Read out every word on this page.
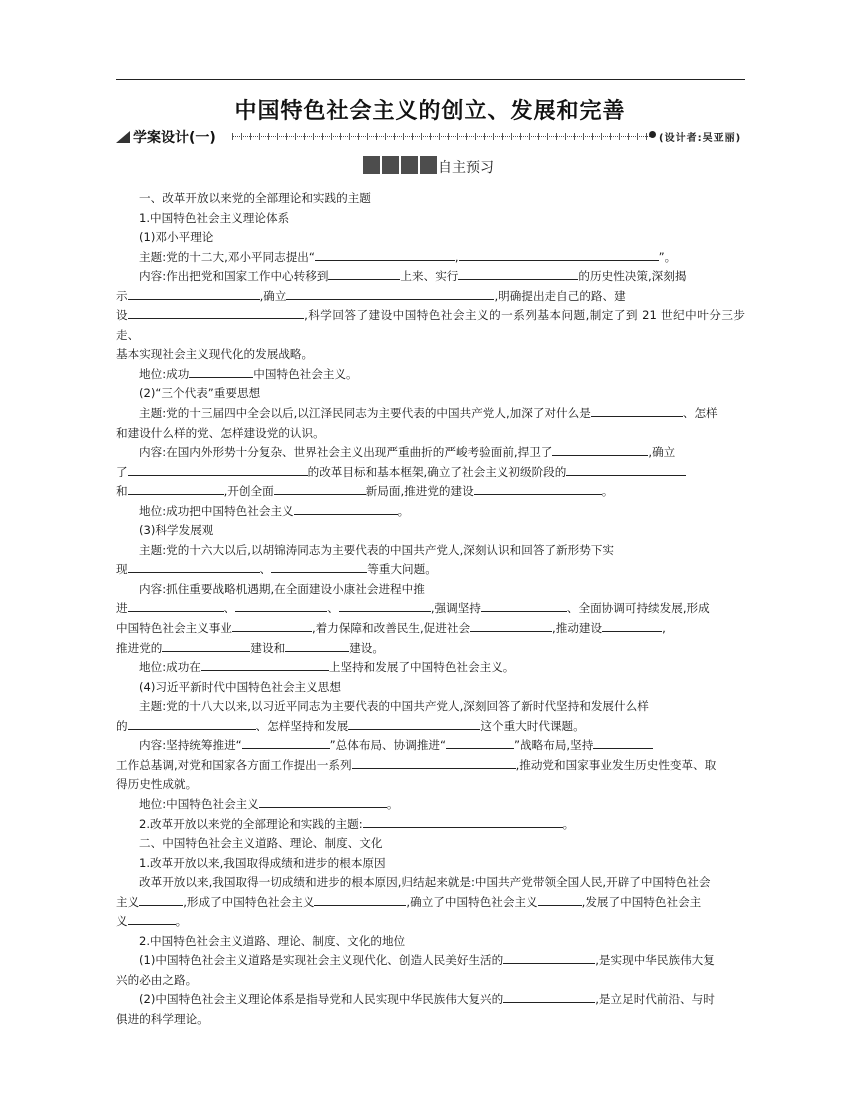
中国特色社会主义的创立、发展和完善
学案设计(一)	(设计者:吴亚丽)
自主预习

一、改革开放以来党的全部理论和实践的主题

1.中国特色社会主义理论体系

(1)邓小平理论

主题:党的十二大,邓小平同志提出“	,	”。

内容:作出把党和国家工作中心转移到	上来、实行	的历史性决策,深刻揭

示	,确立	,明确提出走自己的路、建

设	,科学回答了建设中国特色社会主义的一系列基本问题,制定了到 21 世纪中叶分三步走、

基本实现社会主义现代化的发展战略。

地位:成功	中国特色社会主义。

(2)“三个代表”重要思想

主题:党的十三届四中全会以后,以江泽民同志为主要代表的中国共产党人,加深了对什么是	、怎样

和建设什么样的党、怎样建设党的认识。

内容:在国内外形势十分复杂、世界社会主义出现严重曲折的严峻考验面前,捍卫了	,确立

了	的改革目标和基本框架,确立了社会主义初级阶段的

和	,开创全面	新局面,推进党的建设	。

地位:成功把中国特色社会主义	。

(3)科学发展观

主题:党的十六大以后,以胡锦涛同志为主要代表的中国共产党人,深刻认识和回答了新形势下实

现	、	等重大问题。

内容:抓住重要战略机遇期,在全面建设小康社会进程中推

进	、	、	,强调坚持	、全面协调可持续发展,形成

中国特色社会主义事业	,着力保障和改善民生,促进社会	,推动建设	,

推进党的	建设和	建设。

地位:成功在	上坚持和发展了中国特色社会主义。

(4)习近平新时代中国特色社会主义思想

主题:党的十八大以来,以习近平同志为主要代表的中国共产党人,深刻回答了新时代坚持和发展什么样

的	、怎样坚持和发展	这个重大时代课题。

内容:坚持统筹推进“	”总体布局、协调推进“	”战略布局,坚持

工作总基调,对党和国家各方面工作提出一系列	,推动党和国家事业发生历史性变革、取

得历史性成就。

地位:中国特色社会主义	。

2.改革开放以来党的全部理论和实践的主题:	。

二、中国特色社会主义道路、理论、制度、文化

1.改革开放以来,我国取得成绩和进步的根本原因

改革开放以来,我国取得一切成绩和进步的根本原因,归结起来就是:中国共产党带领全国人民,开辟了中国特色社会

主义	,形成了中国特色社会主义	,确立了中国特色社会主义	,发展了中国特色社会主

义	。

2.中国特色社会主义道路、理论、制度、文化的地位

(1)中国特色社会主义道路是实现社会主义现代化、创造人民美好生活的	,是实现中华民族伟大复

兴的必由之路。

(2)中国特色社会主义理论体系是指导党和人民实现中华民族伟大复兴的	,是立足时代前沿、与时

俱进的科学理论。
